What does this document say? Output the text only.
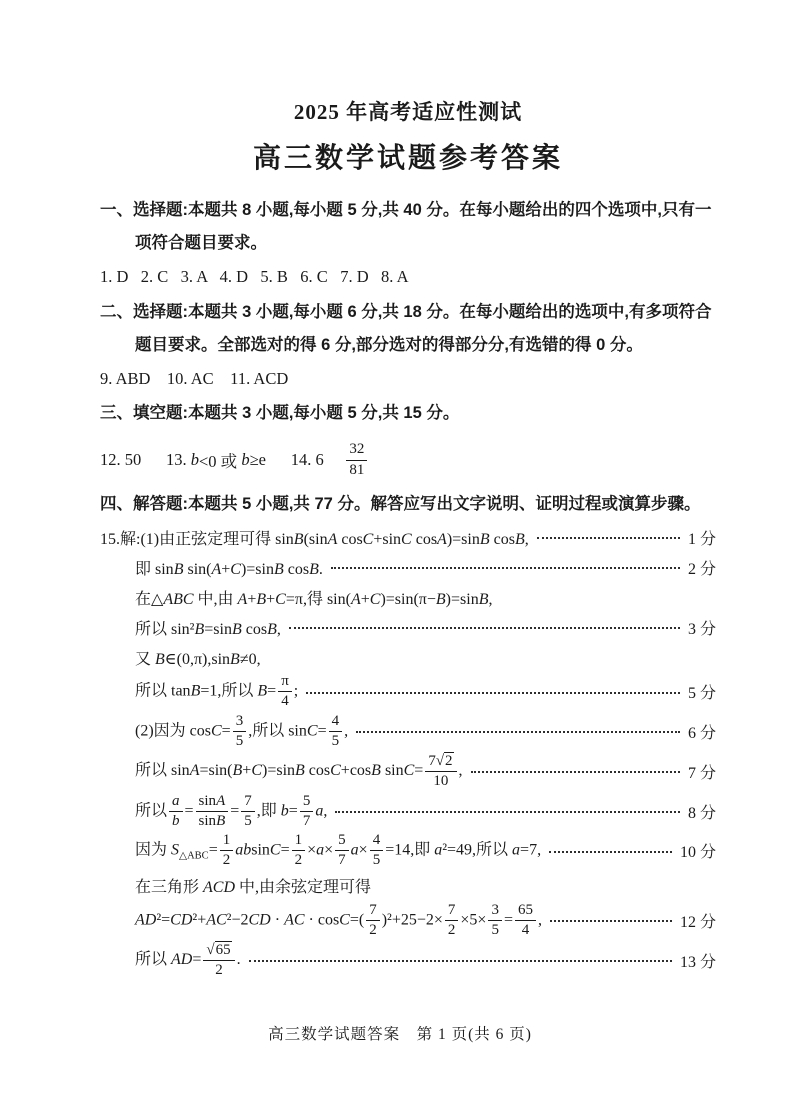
2025 年高考适应性测试
高三数学试题参考答案

一、选择题:本题共 8 小题,每小题 5 分,共 40 分。在每小题给出的四个选项中,只有一项符合题目要求。

1. D   2. C   3. A   4. D   5. B   6. C   7. D   8. A

二、选择题:本题共 3 小题,每小题 6 分,共 18 分。在每小题给出的选项中,有多项符合题目要求。全部选对的得 6 分,部分选对的得部分分,有选错的得 0 分。

9. ABD    10. AC    11. ACD

三、填空题:本题共 3 小题,每小题 5 分,共 15 分。

12. 50      13. b <0 或 b ≥e      14. $6 \frac{32}{81}$

四、解答题:本题共 5 小题,共 77 分。解答应写出文字说明、证明过程或演算步骤。

15.解:(1)由正弦定理可得 sinB(sinA cosC+sinC cosA)=sinB cosB,	1 分
即 sinB sin(A+C)=sinB cosB.	2 分
在△ABC 中,由 A+B+C=π,得 sin(A+C)=sin(π−B)=sinB,
所以 sin²B=sinB cosB,	3 分
又 B∈(0,π),sinB≠0,
所以 tanB=1,所以 $B= \frac{\pi}{4}$ ;	5 分
(2)因为 $\cos C= \frac{3}{5}$ ,所以 $\sin C= \frac{4}{5}$ ,	6 分
所以 sinA=sin(B+C)=sinB cosC+cosB $\sin C= \frac{7√2}{10}$ ,	7 分
所以 $\frac{a}{b} = \frac{\sin A}{\sin B} = \frac{7}{5}$ ,即 $b= \frac{5}{7} a$,	8 分
因为 $S_{\triangle ABC}= \frac{1}{2} absinC= \frac{1}{2} \times a\times \frac{5}{7} a\times \frac{4}{5} =14$,即 a²=49,所以 a=7,	10 分
在三角形 ACD 中,由余弦定理可得
AD²=CD²+AC²−2CD · AC · $\cos C=( \frac{7}{2} )^2+25-2\times \frac{7}{2} \times 5\times \frac{3}{5} = \frac{65}{4}$ ,	12 分
所以 $AD= \frac{√65}{2}$ .	13 分
高三数学试题答案　第 1 页(共 6 页)
